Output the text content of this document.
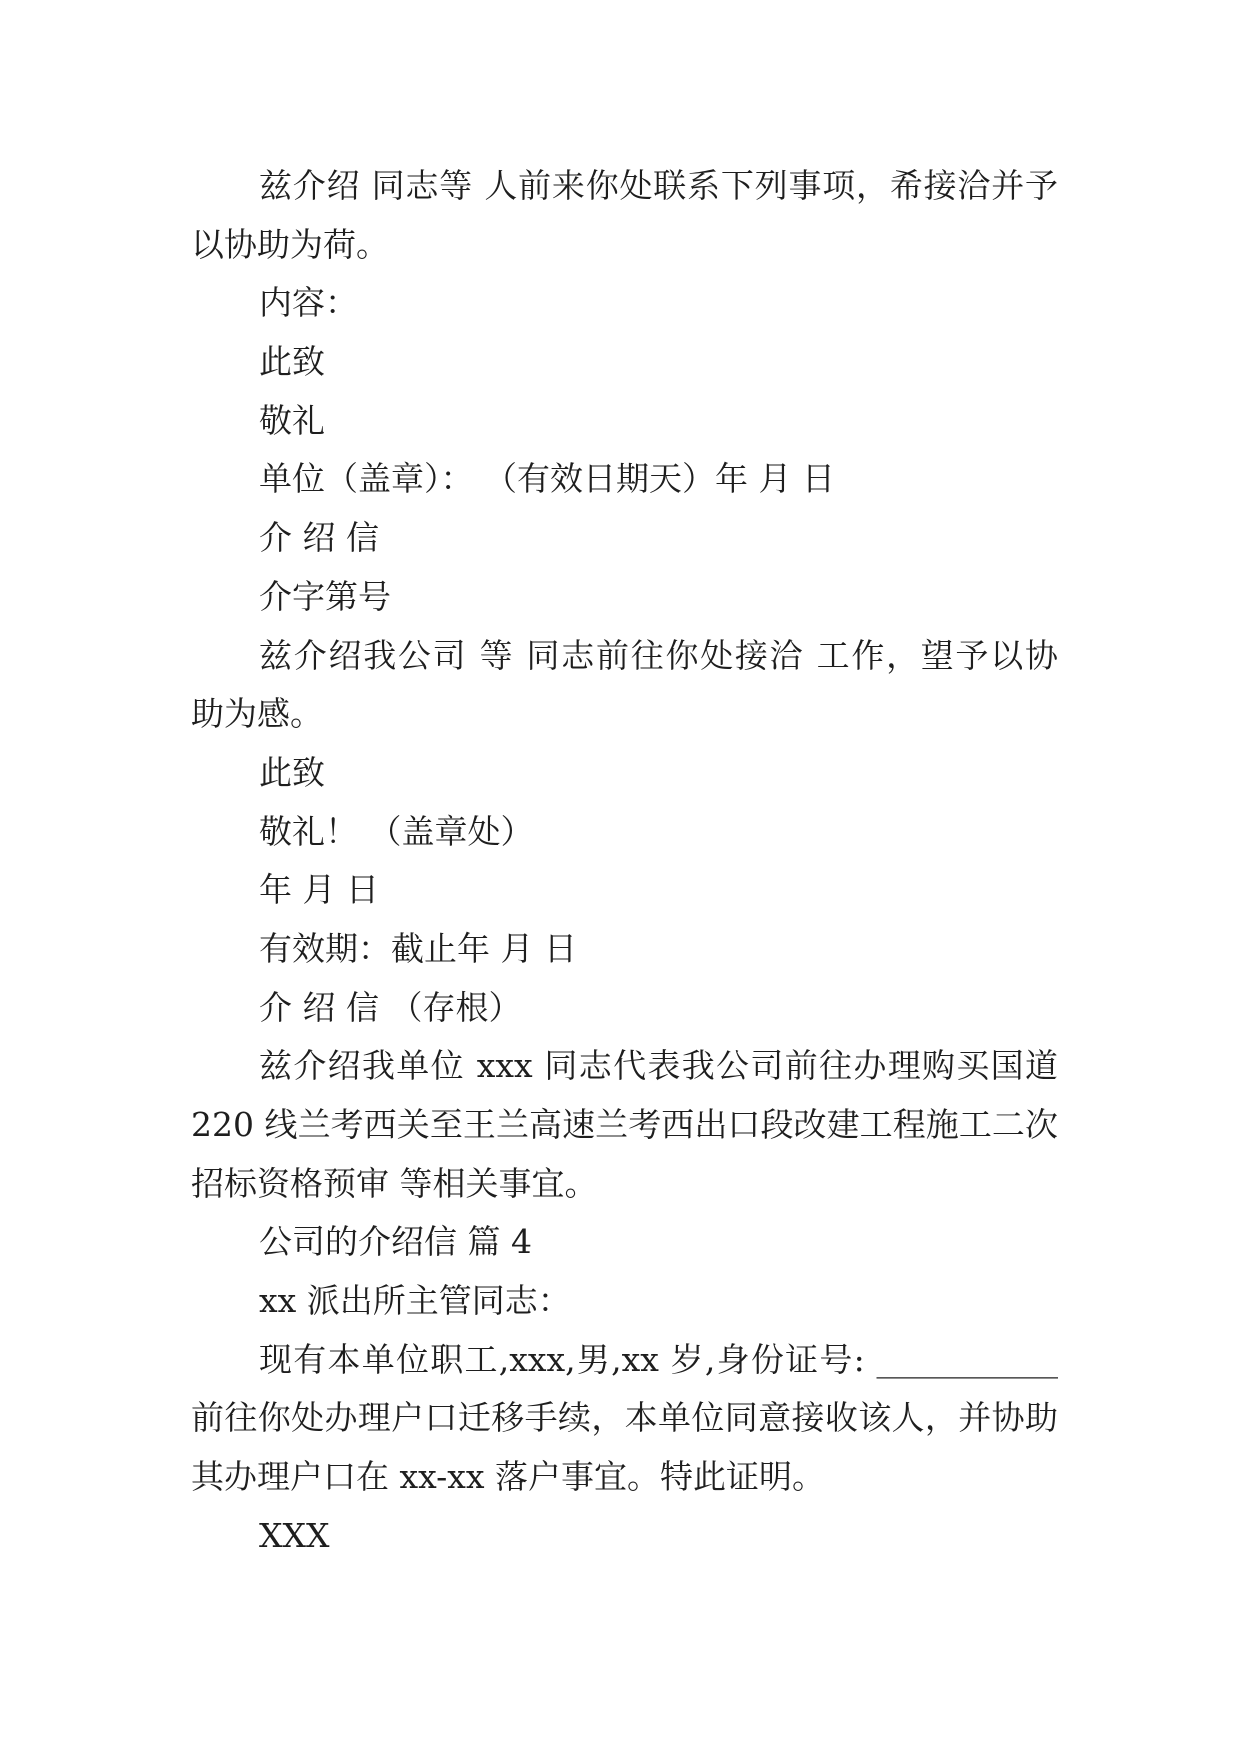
兹介绍 同志等 人前来你处联系下列事项，希接洽并予
以协助为荷。
内容：
此致
敬礼
单位（盖章）： （有效日期天）年 月 日
介 绍 信
介字第号
兹介绍我公司 等 同志前往你处接洽 工作，望予以协
助为感。
此致
敬礼！ （盖章处）
年 月 日
有效期：截止年 月 日
介 绍 信 （存根）
兹介绍我单位 xxx 同志代表我公司前往办理购买国道
220 线兰考西关至王兰高速兰考西出口段改建工程施工二次
招标资格预审 等相关事宜。
公司的介绍信 篇 4
xx 派出所主管同志：
现有本单位职工,xxx,男,xx 岁,身份证号: ___________
前往你处办理户口迁移手续，本单位同意接收该人，并协助
其办理户口在 xx-xx 落户事宜。特此证明。
XXX
